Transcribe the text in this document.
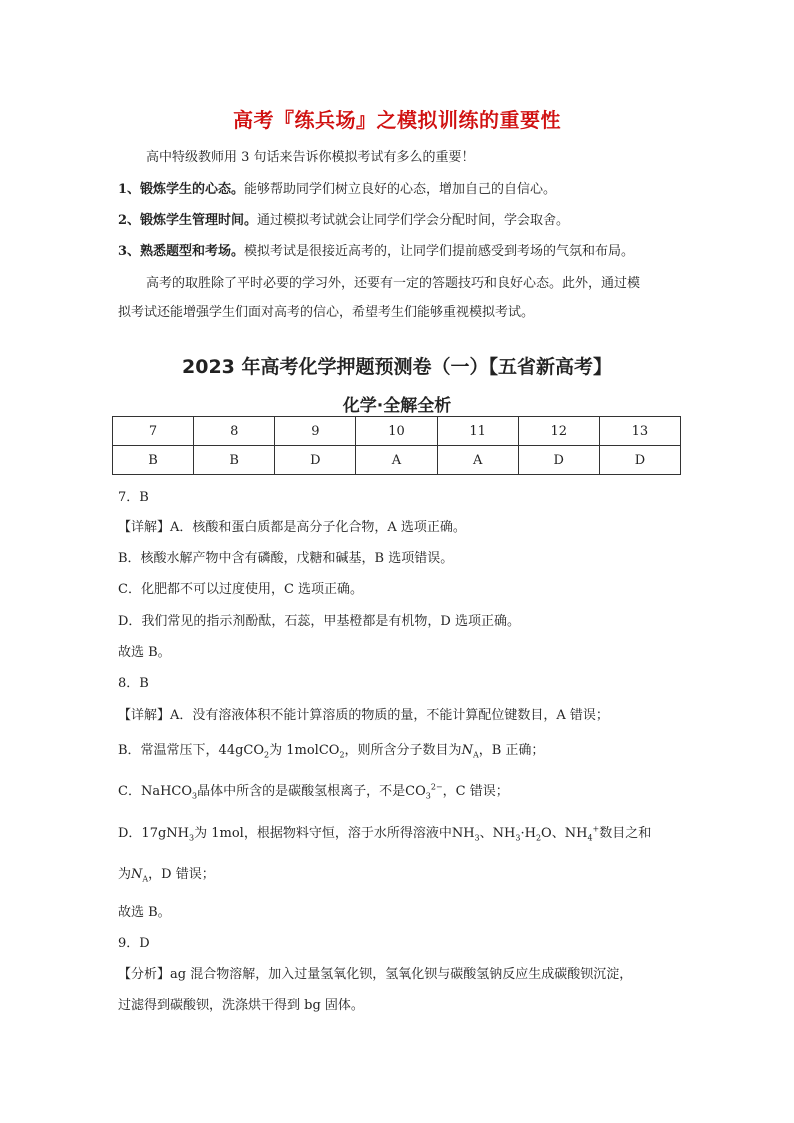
高考『练兵场』之模拟训练的重要性
高中特级教师用 3 句话来告诉你模拟考试有多么的重要！
1、锻炼学生的心态。能够帮助同学们树立良好的心态，增加自己的自信心。
2、锻炼学生管理时间。通过模拟考试就会让同学们学会分配时间，学会取舍。
3、熟悉题型和考场。模拟考试是很接近高考的，让同学们提前感受到考场的气氛和布局。
高考的取胜除了平时必要的学习外，还要有一定的答题技巧和良好心态。此外，通过模
拟考试还能增强学生们面对高考的信心，希望考生们能够重视模拟考试。
2023 年高考化学押题预测卷（一）【五省新高考】
化学·全解全析
7	8	9	10	11	12	13
B	B	D	A	A	D	D
7．B
【详解】A．核酸和蛋白质都是高分子化合物，A 选项正确。
B．核酸水解产物中含有磷酸，戊糖和碱基，B 选项错误。
C．化肥都不可以过度使用，C 选项正确。
D．我们常见的指示剂酚酞，石蕊，甲基橙都是有机物，D 选项正确。
故选 B。
8．B
【详解】A．没有溶液体积不能计算溶质的物质的量，不能计算配位键数目，A 错误；
B．常温常压下，44gCO$_2$为 1molCO$_2$，则所含分子数目为$N_A$，B 正确；
C．NaHCO$_3$晶体中所含的是碳酸氢根离子，不是$CO_3^{2-}$，C 错误；
D．17gNH$_3$为 1mol，根据物料守恒，溶于水所得溶液中$NH_3$、$NH_3\cdot H_2O$、$NH_4^+$数目之和
为$N_A$，D 错误；
故选 B。
9．D
【分析】ag 混合物溶解，加入过量氢氧化钡，氢氧化钡与碳酸氢钠反应生成碳酸钡沉淀，
过滤得到碳酸钡，洗涤烘干得到 bg 固体。
